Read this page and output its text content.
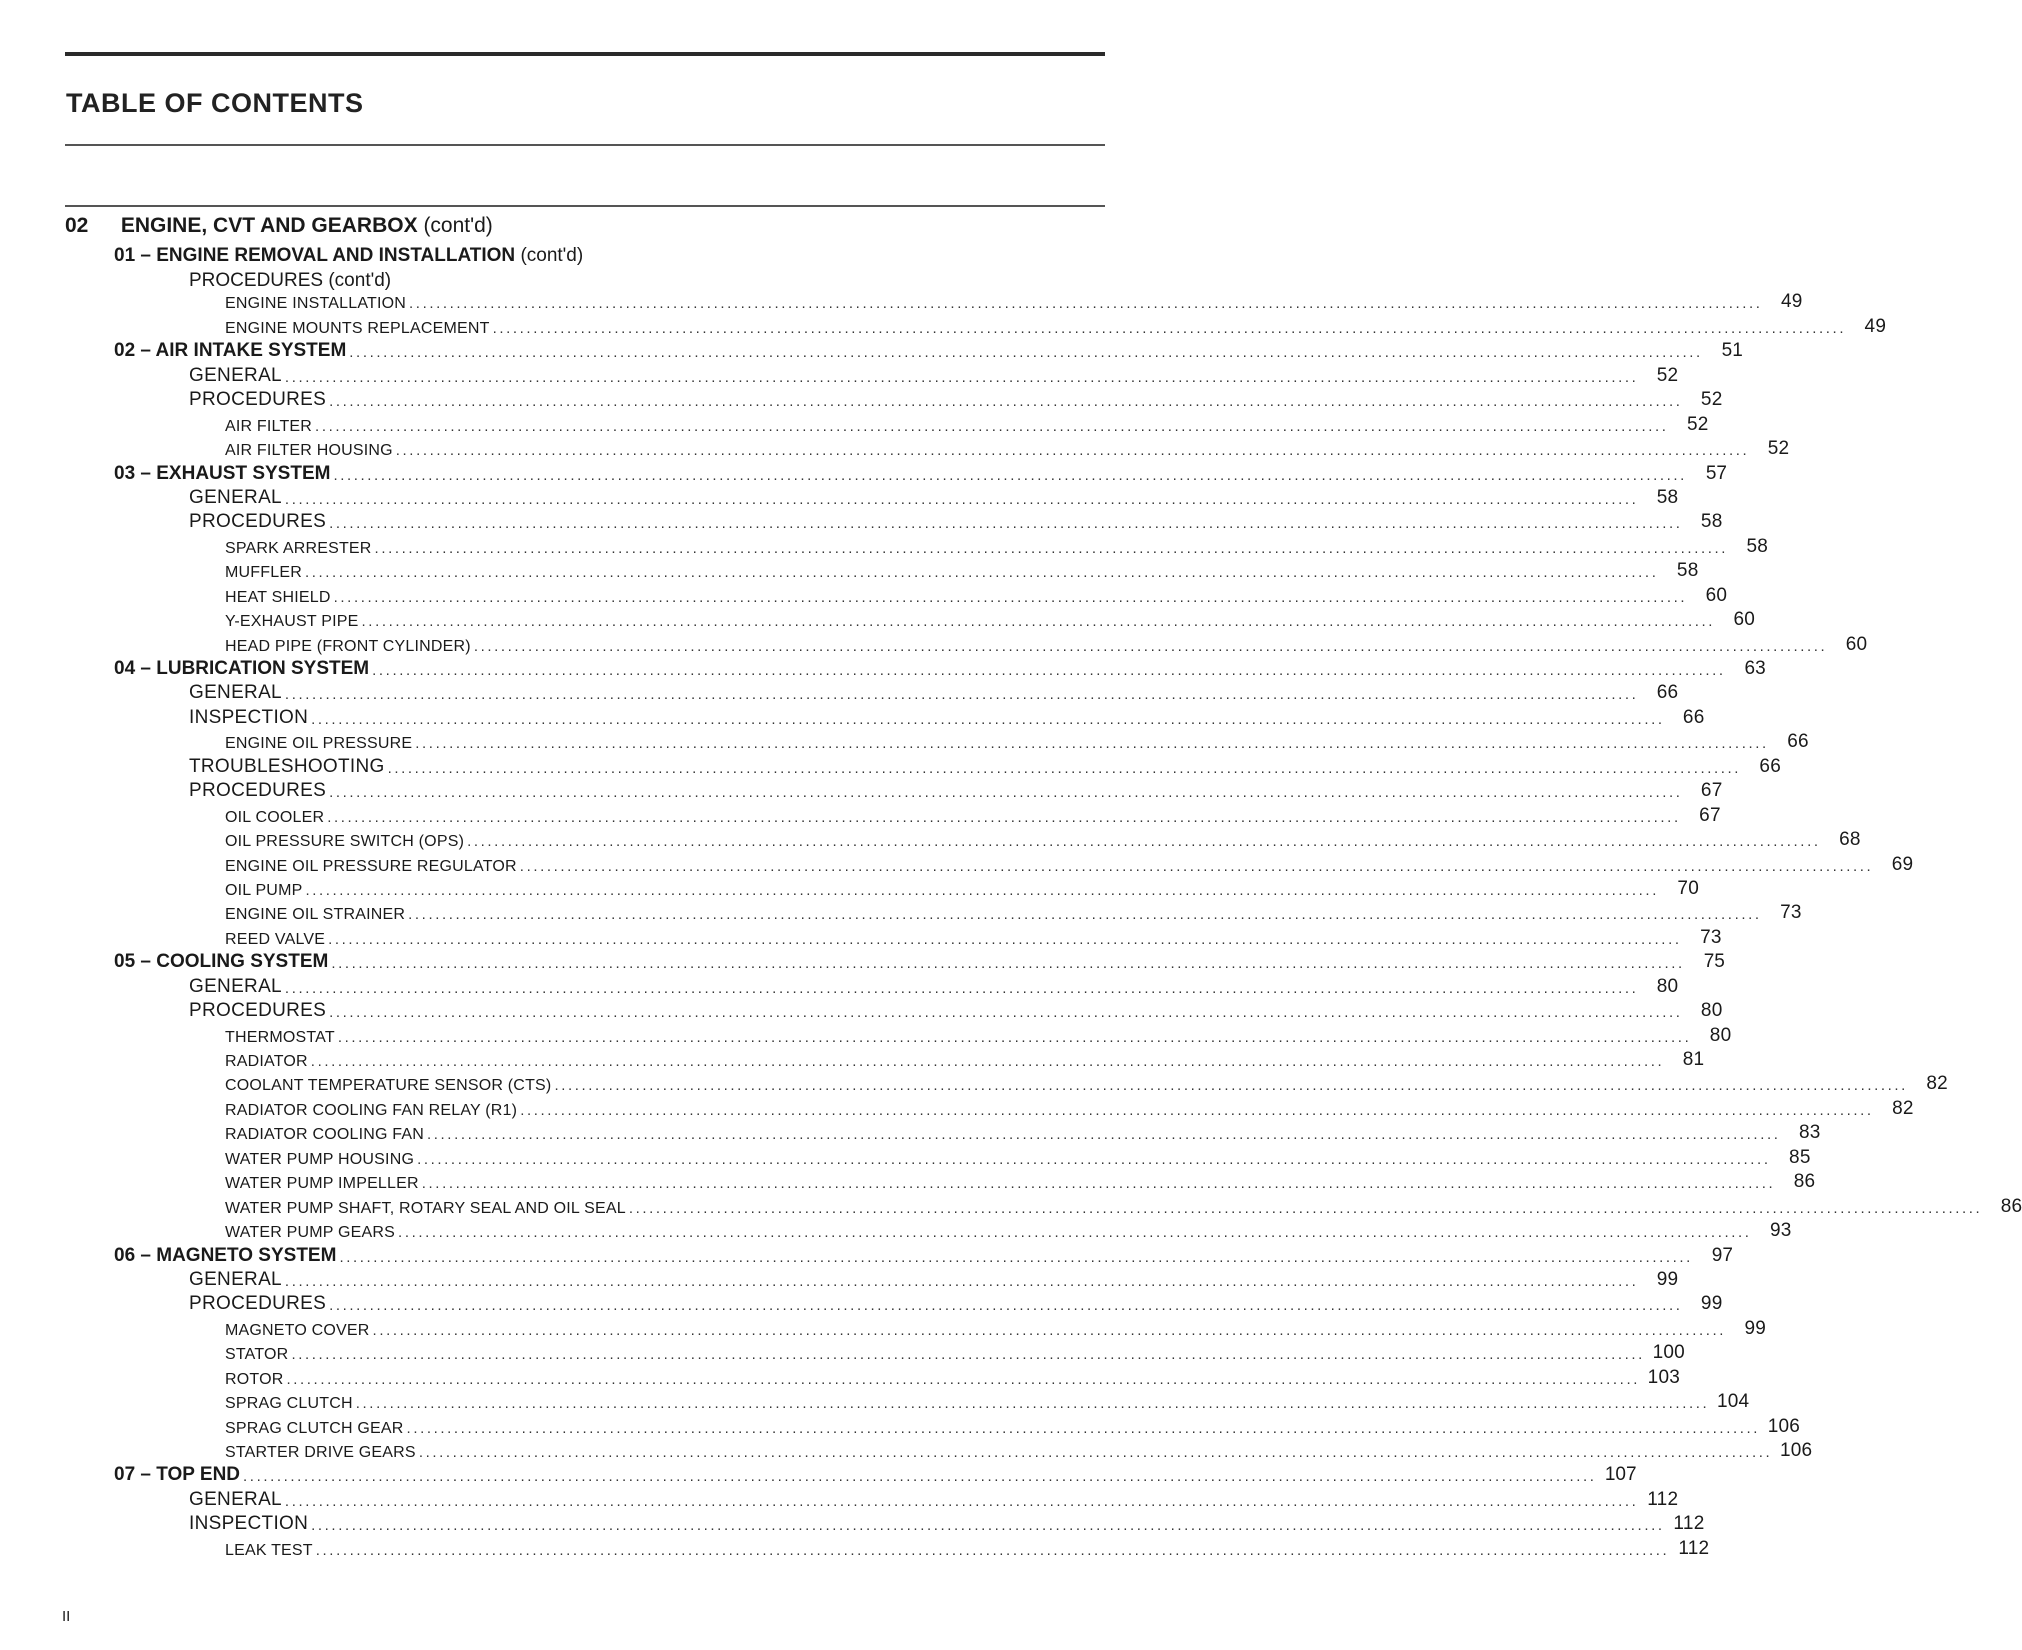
TABLE OF CONTENTS
02 ENGINE, CVT AND GEARBOX (cont'd)
01 – ENGINE REMOVAL AND INSTALLATION (cont'd)
PROCEDURES (cont'd)
ENGINE INSTALLATION ........................................................................................................................................................................................................ 49
ENGINE MOUNTS REPLACEMENT ........................................................................................................................................................................................................ 49
02 – AIR INTAKE SYSTEM ........................................................................................................................................................................................................ 51
GENERAL ........................................................................................................................................................................................................ 52
PROCEDURES ........................................................................................................................................................................................................ 52
AIR FILTER ........................................................................................................................................................................................................ 52
AIR FILTER HOUSING ........................................................................................................................................................................................................ 52
03 – EXHAUST SYSTEM ........................................................................................................................................................................................................ 57
GENERAL ........................................................................................................................................................................................................ 58
PROCEDURES ........................................................................................................................................................................................................ 58
SPARK ARRESTER ........................................................................................................................................................................................................ 58
MUFFLER ........................................................................................................................................................................................................ 58
HEAT SHIELD ........................................................................................................................................................................................................ 60
Y-EXHAUST PIPE ........................................................................................................................................................................................................ 60
HEAD PIPE (FRONT CYLINDER) ........................................................................................................................................................................................................ 60
04 – LUBRICATION SYSTEM ........................................................................................................................................................................................................ 63
GENERAL ........................................................................................................................................................................................................ 66
INSPECTION ........................................................................................................................................................................................................ 66
ENGINE OIL PRESSURE ........................................................................................................................................................................................................ 66
TROUBLESHOOTING ........................................................................................................................................................................................................ 66
PROCEDURES ........................................................................................................................................................................................................ 67
OIL COOLER ........................................................................................................................................................................................................ 67
OIL PRESSURE SWITCH (OPS) ........................................................................................................................................................................................................ 68
ENGINE OIL PRESSURE REGULATOR ........................................................................................................................................................................................................ 69
OIL PUMP ........................................................................................................................................................................................................ 70
ENGINE OIL STRAINER ........................................................................................................................................................................................................ 73
REED VALVE ........................................................................................................................................................................................................ 73
05 – COOLING SYSTEM ........................................................................................................................................................................................................ 75
GENERAL ........................................................................................................................................................................................................ 80
PROCEDURES ........................................................................................................................................................................................................ 80
THERMOSTAT ........................................................................................................................................................................................................ 80
RADIATOR ........................................................................................................................................................................................................ 81
COOLANT TEMPERATURE SENSOR (CTS) ........................................................................................................................................................................................................ 82
RADIATOR COOLING FAN RELAY (R1) ........................................................................................................................................................................................................ 82
RADIATOR COOLING FAN ........................................................................................................................................................................................................ 83
WATER PUMP HOUSING ........................................................................................................................................................................................................ 85
WATER PUMP IMPELLER ........................................................................................................................................................................................................ 86
WATER PUMP SHAFT, ROTARY SEAL AND OIL SEAL ........................................................................................................................................................................................................ 86
WATER PUMP GEARS ........................................................................................................................................................................................................ 93
06 – MAGNETO SYSTEM ........................................................................................................................................................................................................ 97
GENERAL ........................................................................................................................................................................................................ 99
PROCEDURES ........................................................................................................................................................................................................ 99
MAGNETO COVER ........................................................................................................................................................................................................ 99
STATOR ........................................................................................................................................................................................................ 100
ROTOR ........................................................................................................................................................................................................ 103
SPRAG CLUTCH ........................................................................................................................................................................................................ 104
SPRAG CLUTCH GEAR ........................................................................................................................................................................................................ 106
STARTER DRIVE GEARS ........................................................................................................................................................................................................ 106
07 – TOP END ........................................................................................................................................................................................................ 107
GENERAL ........................................................................................................................................................................................................ 112
INSPECTION ........................................................................................................................................................................................................ 112
LEAK TEST ........................................................................................................................................................................................................ 112
II
